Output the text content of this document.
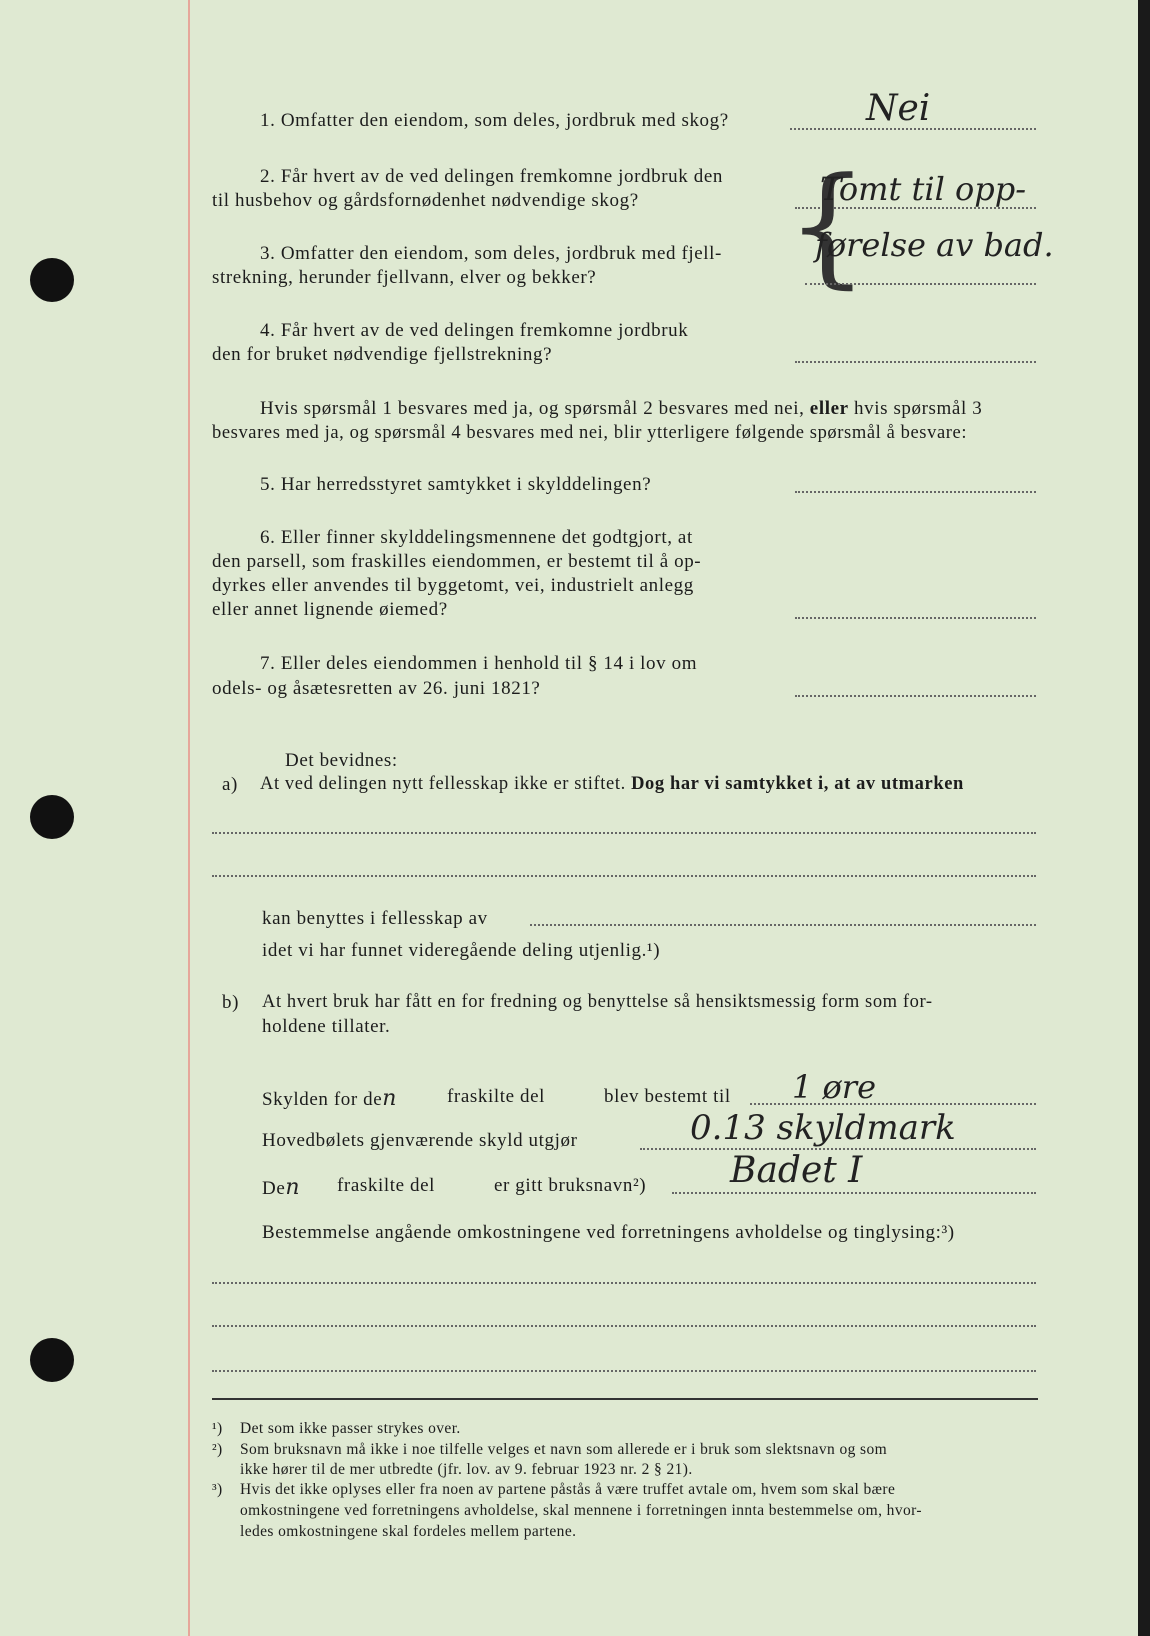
1. Omfatter den eiendom, som deles, jordbruk med skog?	Nei
2. Får hvert av de ved delingen fremkomne jordbruk den
til husbehov og gårdsfornødenhet nødvendige skog? {
Tomt til opp-
førelse av bad.
3. Omfatter den eiendom, som deles, jordbruk med fjell-
strekning, herunder fjellvann, elver og bekker?
4. Får hvert av de ved delingen fremkomne jordbruk
den for bruket nødvendige fjellstrekning?
Hvis spørsmål 1 besvares med ja, og spørsmål 2 besvares med nei, eller hvis spørsmål 3
besvares med ja, og spørsmål 4 besvares med nei, blir ytterligere følgende spørsmål å besvare:
5. Har herredsstyret samtykket i skylddelingen?
6. Eller finner skylddelingsmennene det godtgjort, at
den parsell, som fraskilles eiendommen, er bestemt til å op-
dyrkes eller anvendes til byggetomt, vei, industrielt anlegg
eller annet lignende øiemed?
7. Eller deles eiendommen i henhold til § 14 i lov om
odels- og åsætesretten av 26. juni 1821?
Det bevidnes:
a) At ved delingen nytt fellesskap ikke er stiftet. Dog har vi samtykket i, at av utmarken
kan benyttes i fellesskap av
idet vi har funnet videregående deling utjenlig.¹)
b) At hvert bruk har fått en for fredning og benyttelse så hensiktsmessig form som for-
holdene tillater.
Skylden for den	fraskilte del	blev bestemt til 1 øre
Hovedbølets gjenværende skyld utgjør	0.13 skyldmark
Den fraskilte del	er gitt bruksnavn²) Badet I
Bestemmelse angående omkostningene ved forretningens avholdelse og tinglysing:³)
¹) Det som ikke passer strykes over.
²) Som bruksnavn må ikke i noe tilfelle velges et navn som allerede er i bruk som slektsnavn og som
ikke hører til de mer utbredte (jfr. lov. av 9. februar 1923 nr. 2 § 21).
³) Hvis det ikke oplyses eller fra noen av partene påstås å være truffet avtale om, hvem som skal bære
omkostningene ved forretningens avholdelse, skal mennene i forretningen innta bestemmelse om, hvor-
ledes omkostningene skal fordeles mellem partene.
